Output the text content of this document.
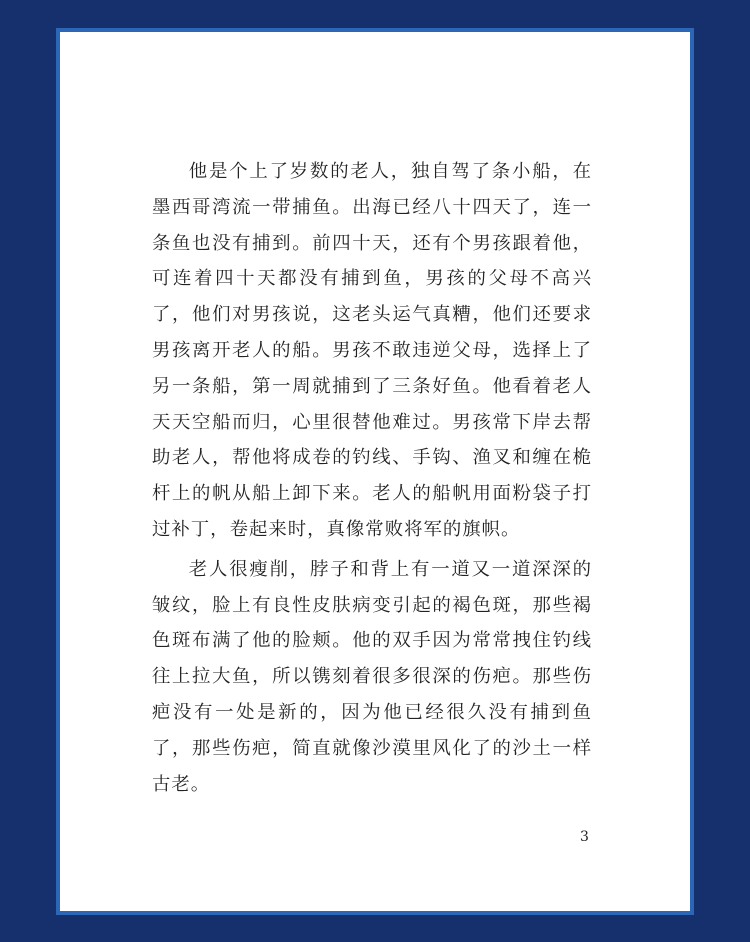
他是个上了岁数的老人，独自驾了条小船，在墨西哥湾流一带捕鱼。出海已经八十四天了，连一条鱼也没有捕到。前四十天，还有个男孩跟着他，可连着四十天都没有捕到鱼，男孩的父母不高兴了，他们对男孩说，这老头运气真糟，他们还要求男孩离开老人的船。男孩不敢违逆父母，选择上了另一条船，第一周就捕到了三条好鱼。他看着老人天天空船而归，心里很替他难过。男孩常下岸去帮助老人，帮他将成卷的钓线、手钩、渔叉和缠在桅杆上的帆从船上卸下来。老人的船帆用面粉袋子打过补丁，卷起来时，真像常败将军的旗帜。

老人很瘦削，脖子和背上有一道又一道深深的皱纹，脸上有良性皮肤病变引起的褐色斑，那些褐色斑布满了他的脸颊。他的双手因为常常拽住钓线往上拉大鱼，所以镌刻着很多很深的伤疤。那些伤疤没有一处是新的，因为他已经很久没有捕到鱼了，那些伤疤，简直就像沙漠里风化了的沙土一样古老。

3
